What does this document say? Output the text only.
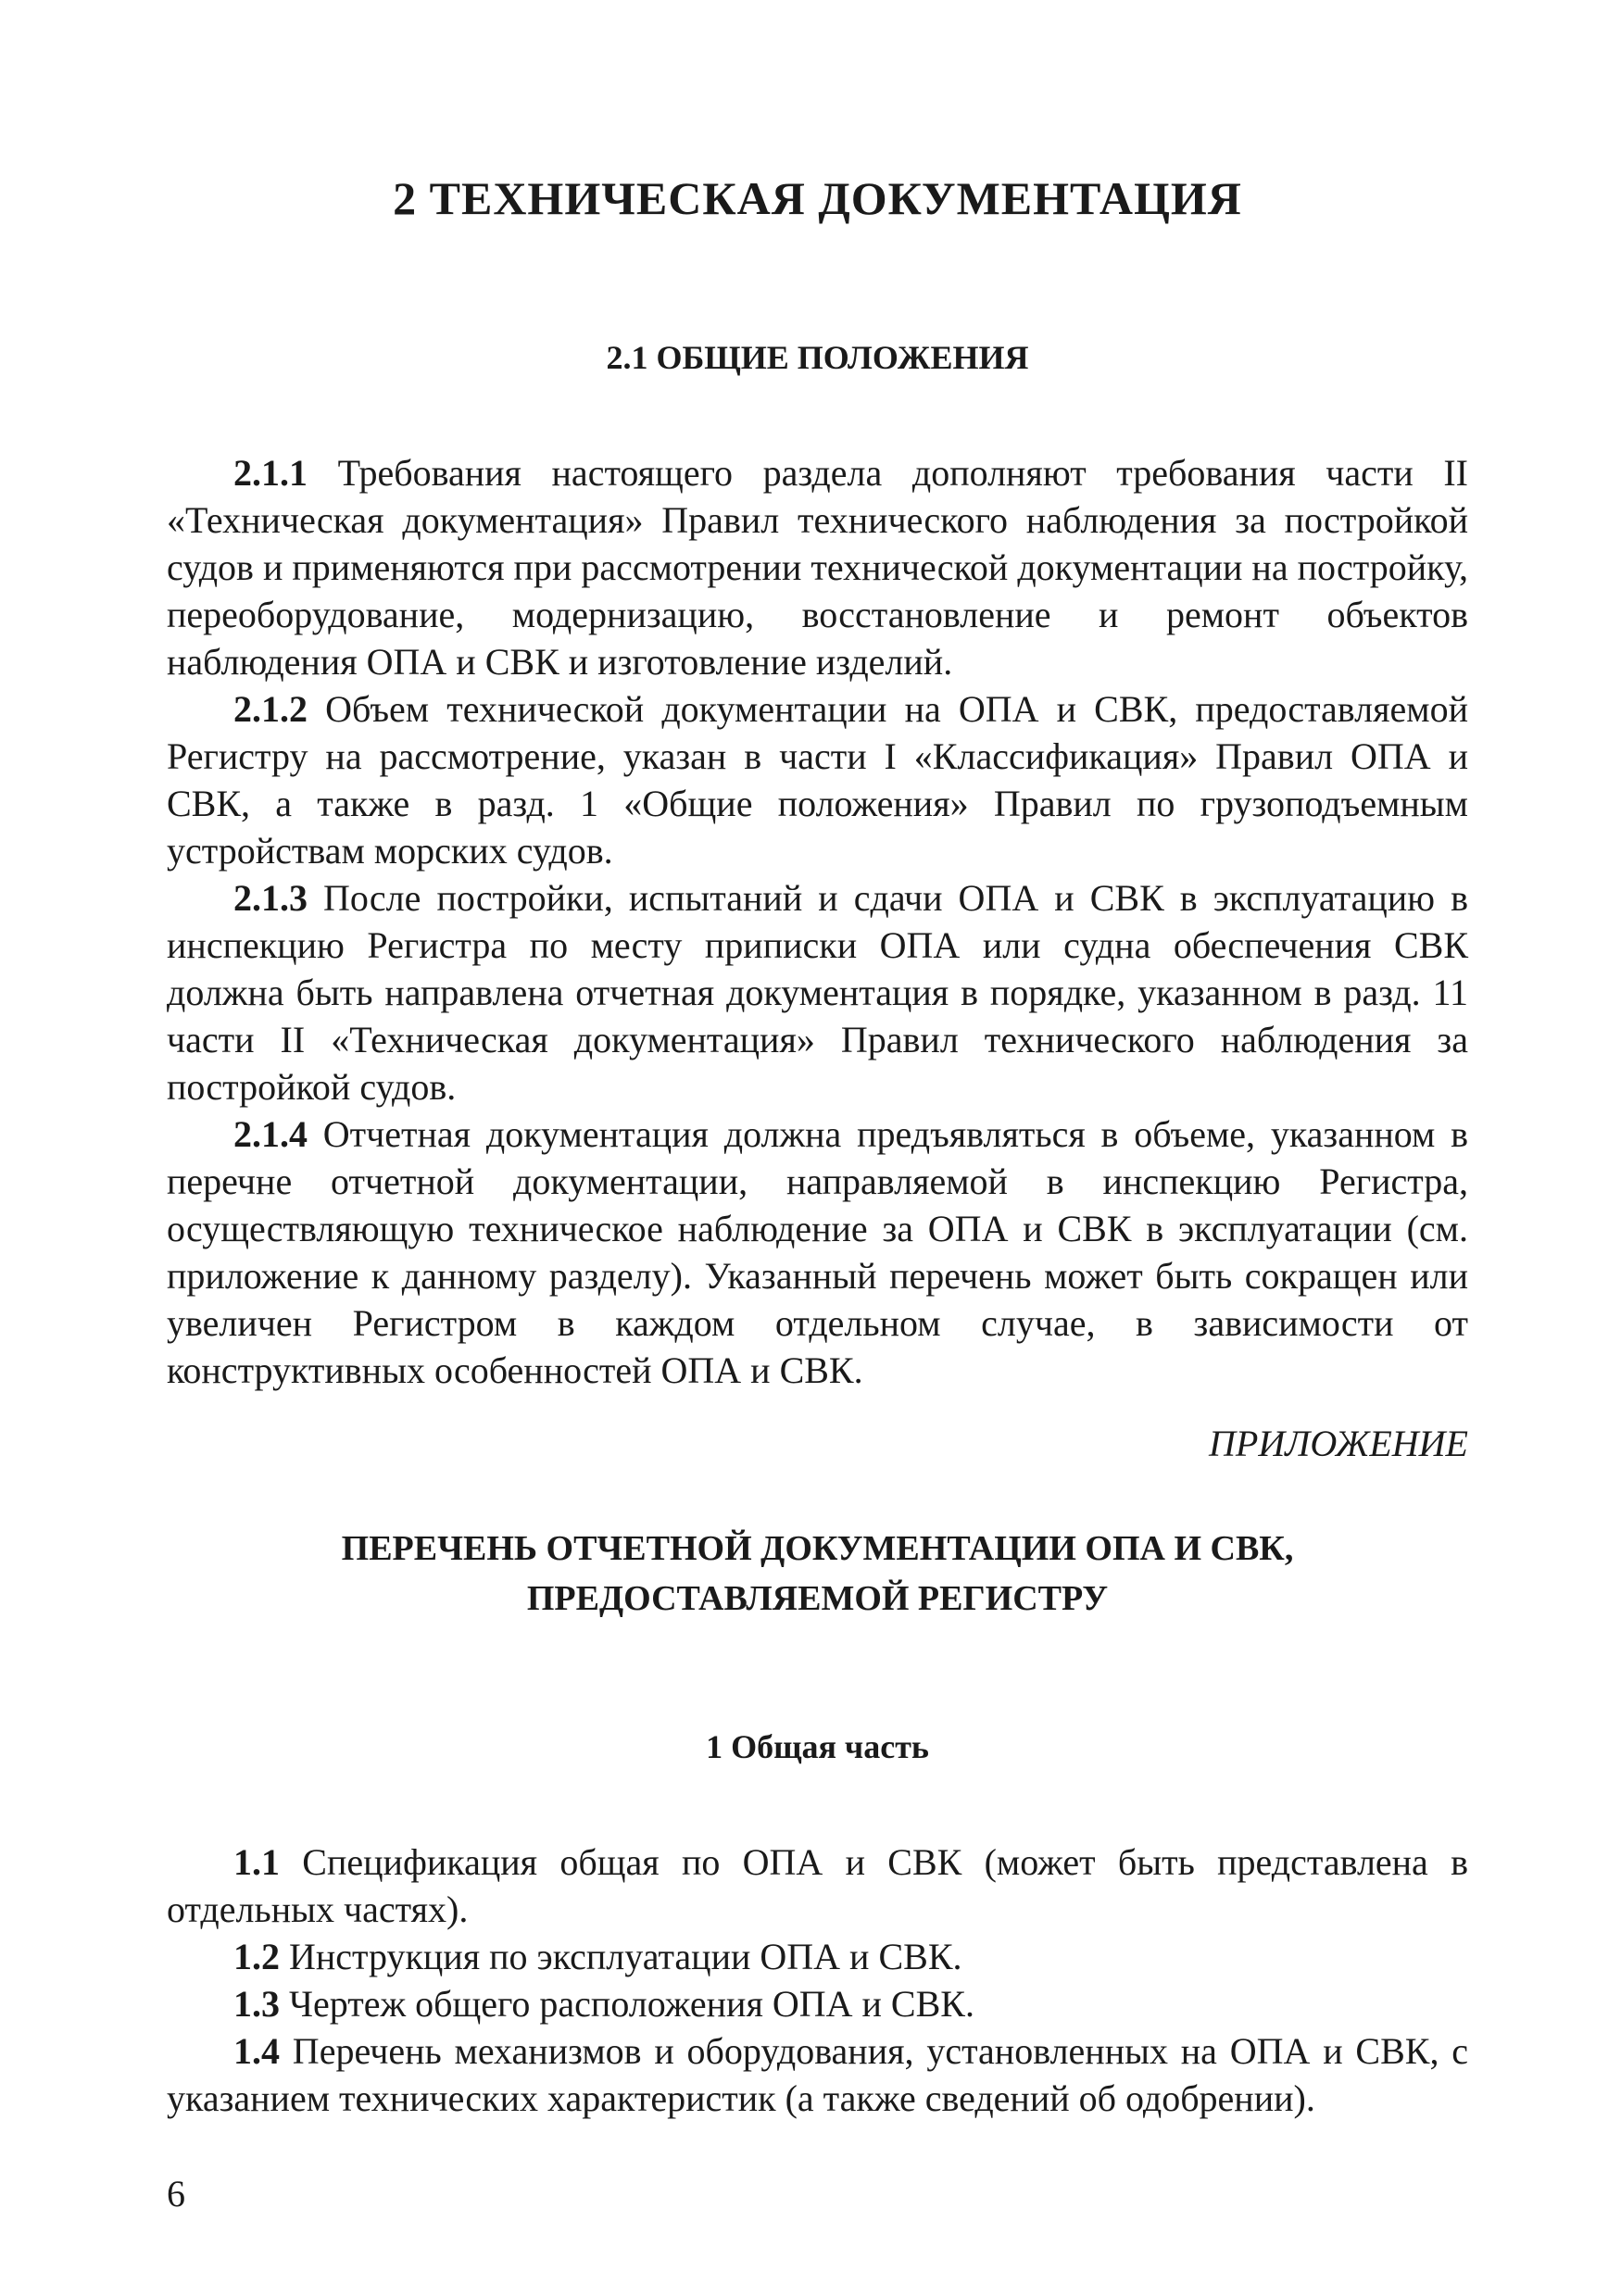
2 ТЕХНИЧЕСКАЯ ДОКУМЕНТАЦИЯ
2.1 ОБЩИЕ ПОЛОЖЕНИЯ

2.1.1 Требования настоящего раздела дополняют требования части II «Техническая документация» Правил технического наблюдения за постройкой судов и применяются при рассмотрении технической документации на постройку, переоборудование, модернизацию, восстановление и ремонт объектов наблюдения ОПА и СВК и изготовление изделий.

2.1.2 Объем технической документации на ОПА и СВК, предоставляемой Регистру на рассмотрение, указан в части I «Классификация» Правил ОПА и СВК, а также в разд. 1 «Общие положения» Правил по грузоподъемным устройствам морских судов.

2.1.3 После постройки, испытаний и сдачи ОПА и СВК в эксплуатацию в инспекцию Регистра по месту приписки ОПА или судна обеспечения СВК должна быть направлена отчетная документация в порядке, указанном в разд. 11 части II «Техническая документация» Правил технического наблюдения за постройкой судов.

2.1.4 Отчетная документация должна предъявляться в объеме, указанном в перечне отчетной документации, направляемой в инспекцию Регистра, осуществляющую техническое наблюдение за ОПА и СВК в эксплуатации (см. приложение к данному разделу). Указанный перечень может быть сокращен или увеличен Регистром в каждом отдельном случае, в зависимости от конструктивных особенностей ОПА и СВК.

ПРИЛОЖЕНИЕ
ПЕРЕЧЕНЬ ОТЧЕТНОЙ ДОКУМЕНТАЦИИ ОПА И СВК,
ПРЕДОСТАВЛЯЕМОЙ РЕГИСТРУ
1 Общая часть

1.1 Спецификация общая по ОПА и СВК (может быть представлена в отдельных частях).

1.2 Инструкция по эксплуатации ОПА и СВК.

1.3 Чертеж общего расположения ОПА и СВК.

1.4 Перечень механизмов и оборудования, установленных на ОПА и СВК, с указанием технических характеристик (а также сведений об одобрении).

6
